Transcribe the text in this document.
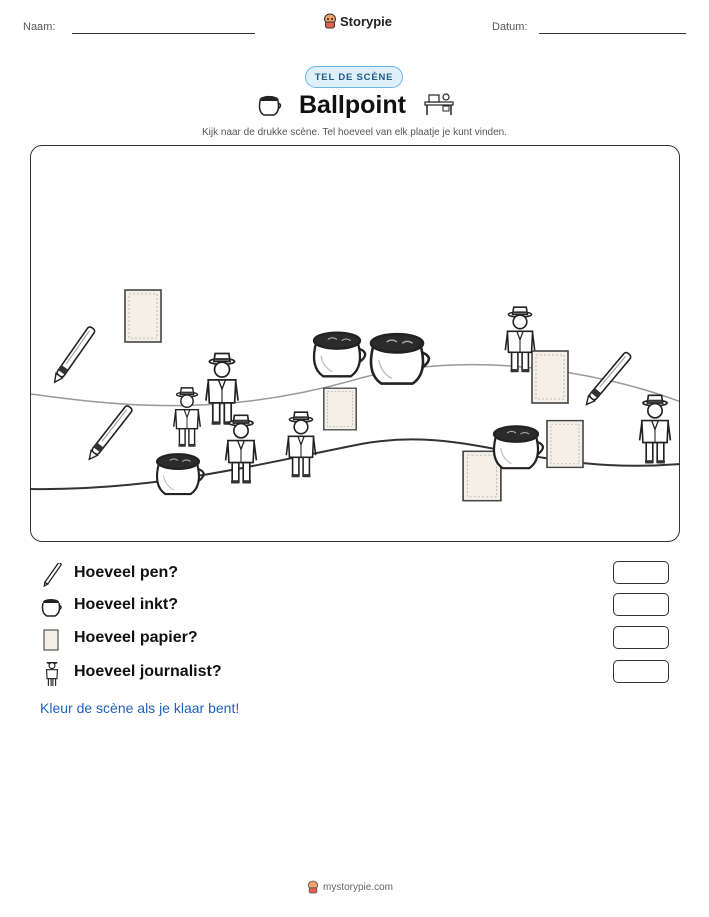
Naam:	Storypie	Datum:
TEL DE SCÈNE
Ballpoint
Kijk naar de drukke scène. Tel hoeveel van elk plaatje je kunt vinden.
Hoeveel pen?
Hoeveel inkt?
Hoeveel papier?
Hoeveel journalist?
Kleur de scène als je klaar bent!
mystorypie.com
